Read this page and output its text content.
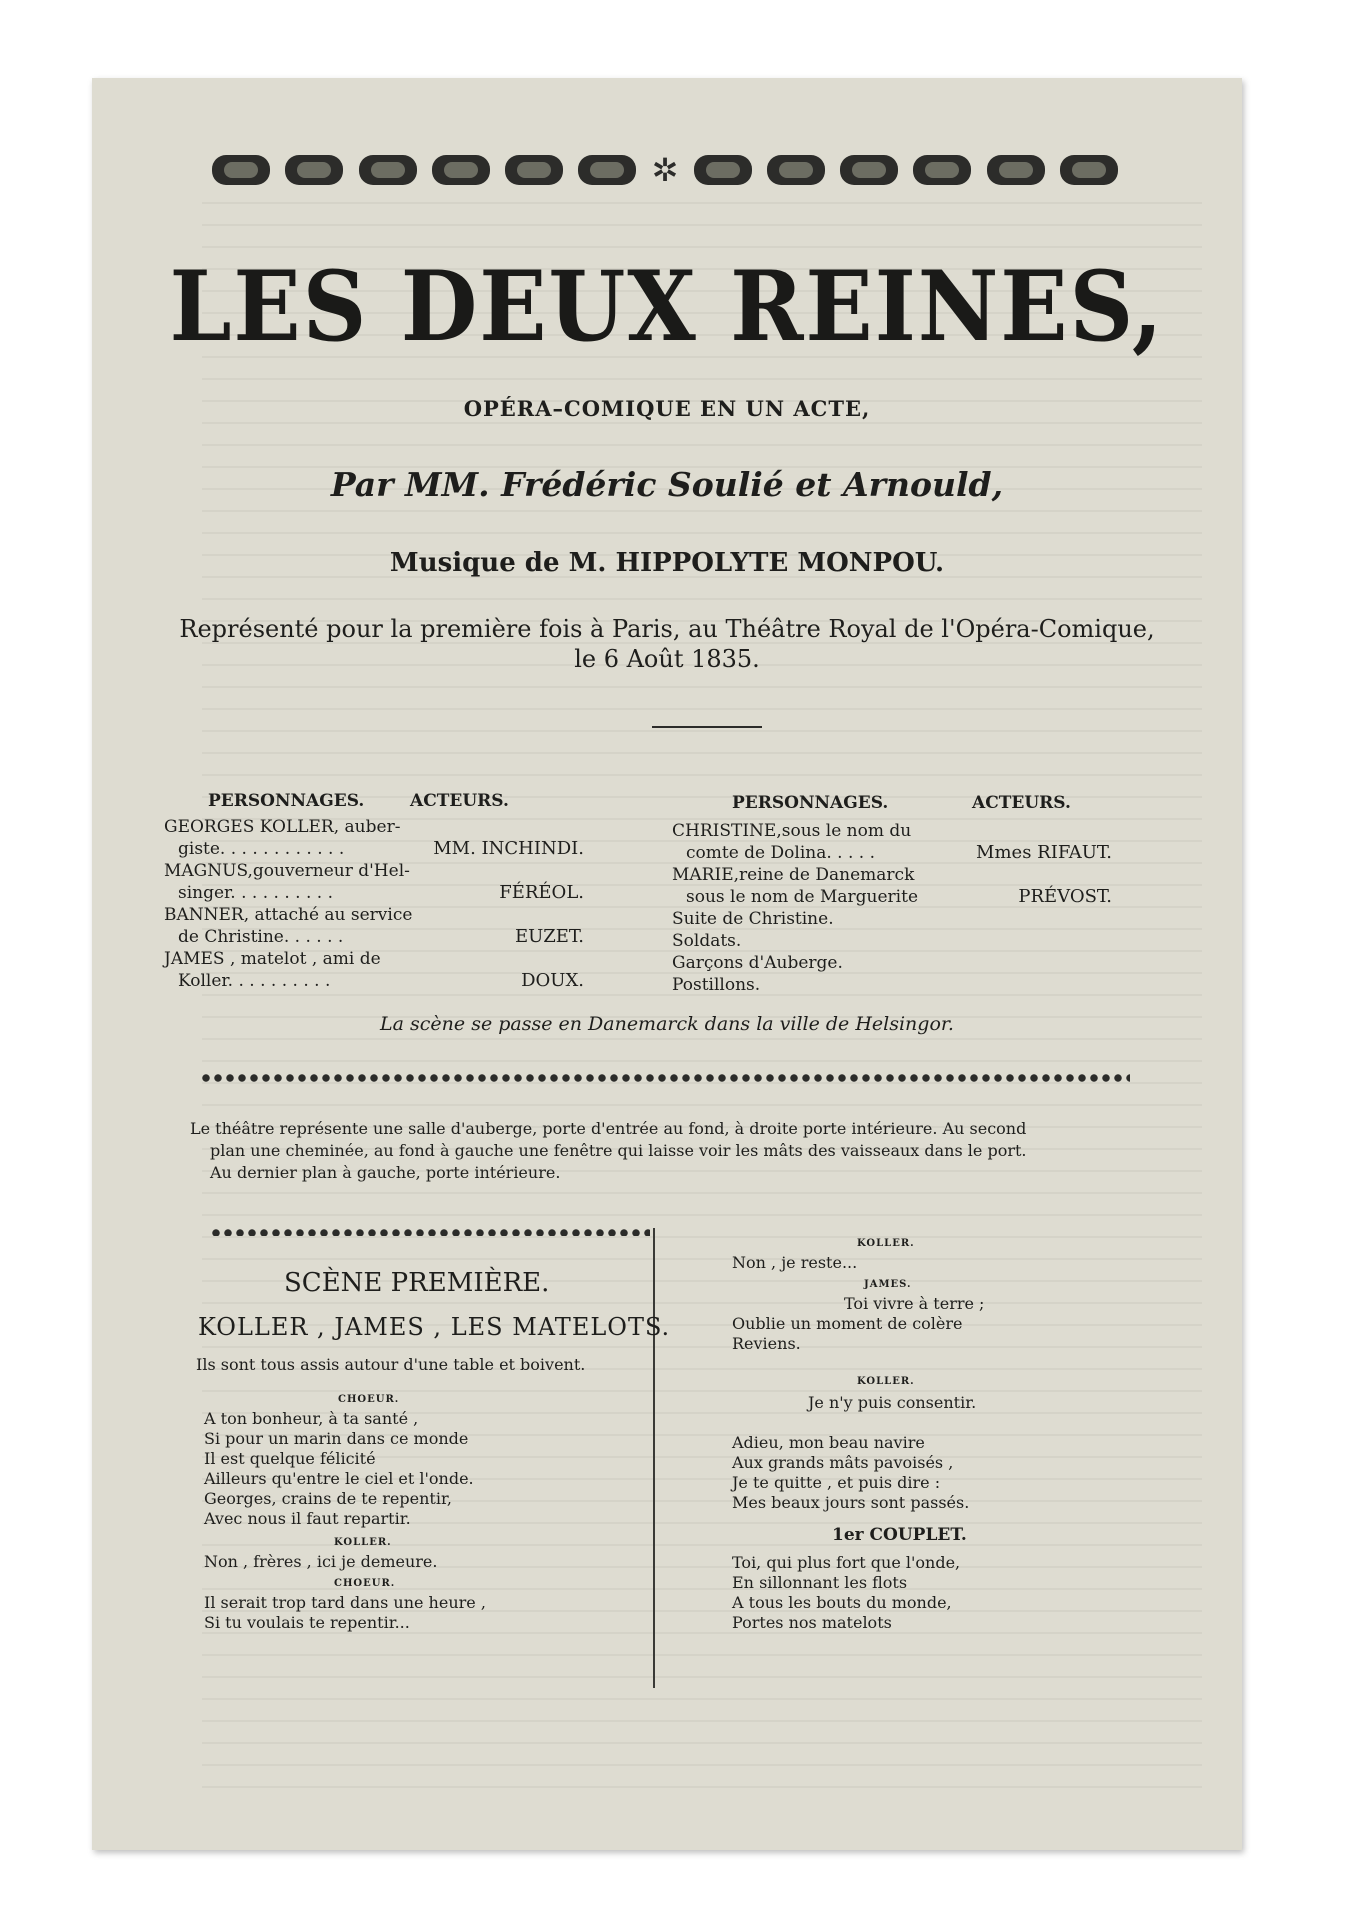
✲
LES DEUX REINES,
OPÉRA–COMIQUE EN UN ACTE,
Par MM. Frédéric Soulié et Arnould,
Musique de M. HIPPOLYTE MONPOU.
Représenté pour la première fois à Paris, au Théâtre Royal de l'Opéra-Comique,
le 6 Août 1835.
PERSONNAGES.	ACTEURS.	PERSONNAGES.	ACTEURS.
GEORGES KOLLER, auber-
giste. . . . . . . . . . . .	MM. INCHINDI.
MAGNUS,gouverneur d'Hel-
singer. . . . . . . . . .	FÉRÉOL.
BANNER, attaché au service
de Christine. . . . . .	EUZET.
JAMES , matelot , ami de
Koller. . . . . . . . . .	DOUX.
CHRISTINE,sous le nom du
comte de Dolina. . . . .	Mmes RIFAUT.
MARIE,reine de Danemarck
sous le nom de Marguerite	PRÉVOST.
Suite de Christine.
Soldats.
Garçons d'Auberge.
Postillons.
La scène se passe en Danemarck dans la ville de Helsingor.
Le théâtre représente une salle d'auberge, porte d'entrée au fond, à droite porte intérieure. Au second
plan une cheminée, au fond à gauche une fenêtre qui laisse voir les mâts des vaisseaux dans le port.
Au dernier plan à gauche, porte intérieure.
SCÈNE PREMIÈRE.
KOLLER , JAMES , LES MATELOTS.
Ils sont tous assis autour d'une table et boivent.
CHOEUR.
A ton bonheur, à ta santé ,
Si pour un marin dans ce monde
Il est quelque félicité
Ailleurs qu'entre le ciel et l'onde.
Georges, crains de te repentir,
Avec nous il faut repartir.
KOLLER.
Non , frères , ici je demeure.
CHOEUR.
Il serait trop tard dans une heure ,
Si tu voulais te repentir...
KOLLER.
Non , je reste...
JAMES.
Toi vivre à terre ;
Oublie un moment de colère
Reviens.
KOLLER.
Je n'y puis consentir.
Adieu, mon beau navire
Aux grands mâts pavoisés ,
Je te quitte , et puis dire :
Mes beaux jours sont passés.
1er COUPLET.
Toi, qui plus fort que l'onde,
En sillonnant les flots
A tous les bouts du monde,
Portes nos matelots
